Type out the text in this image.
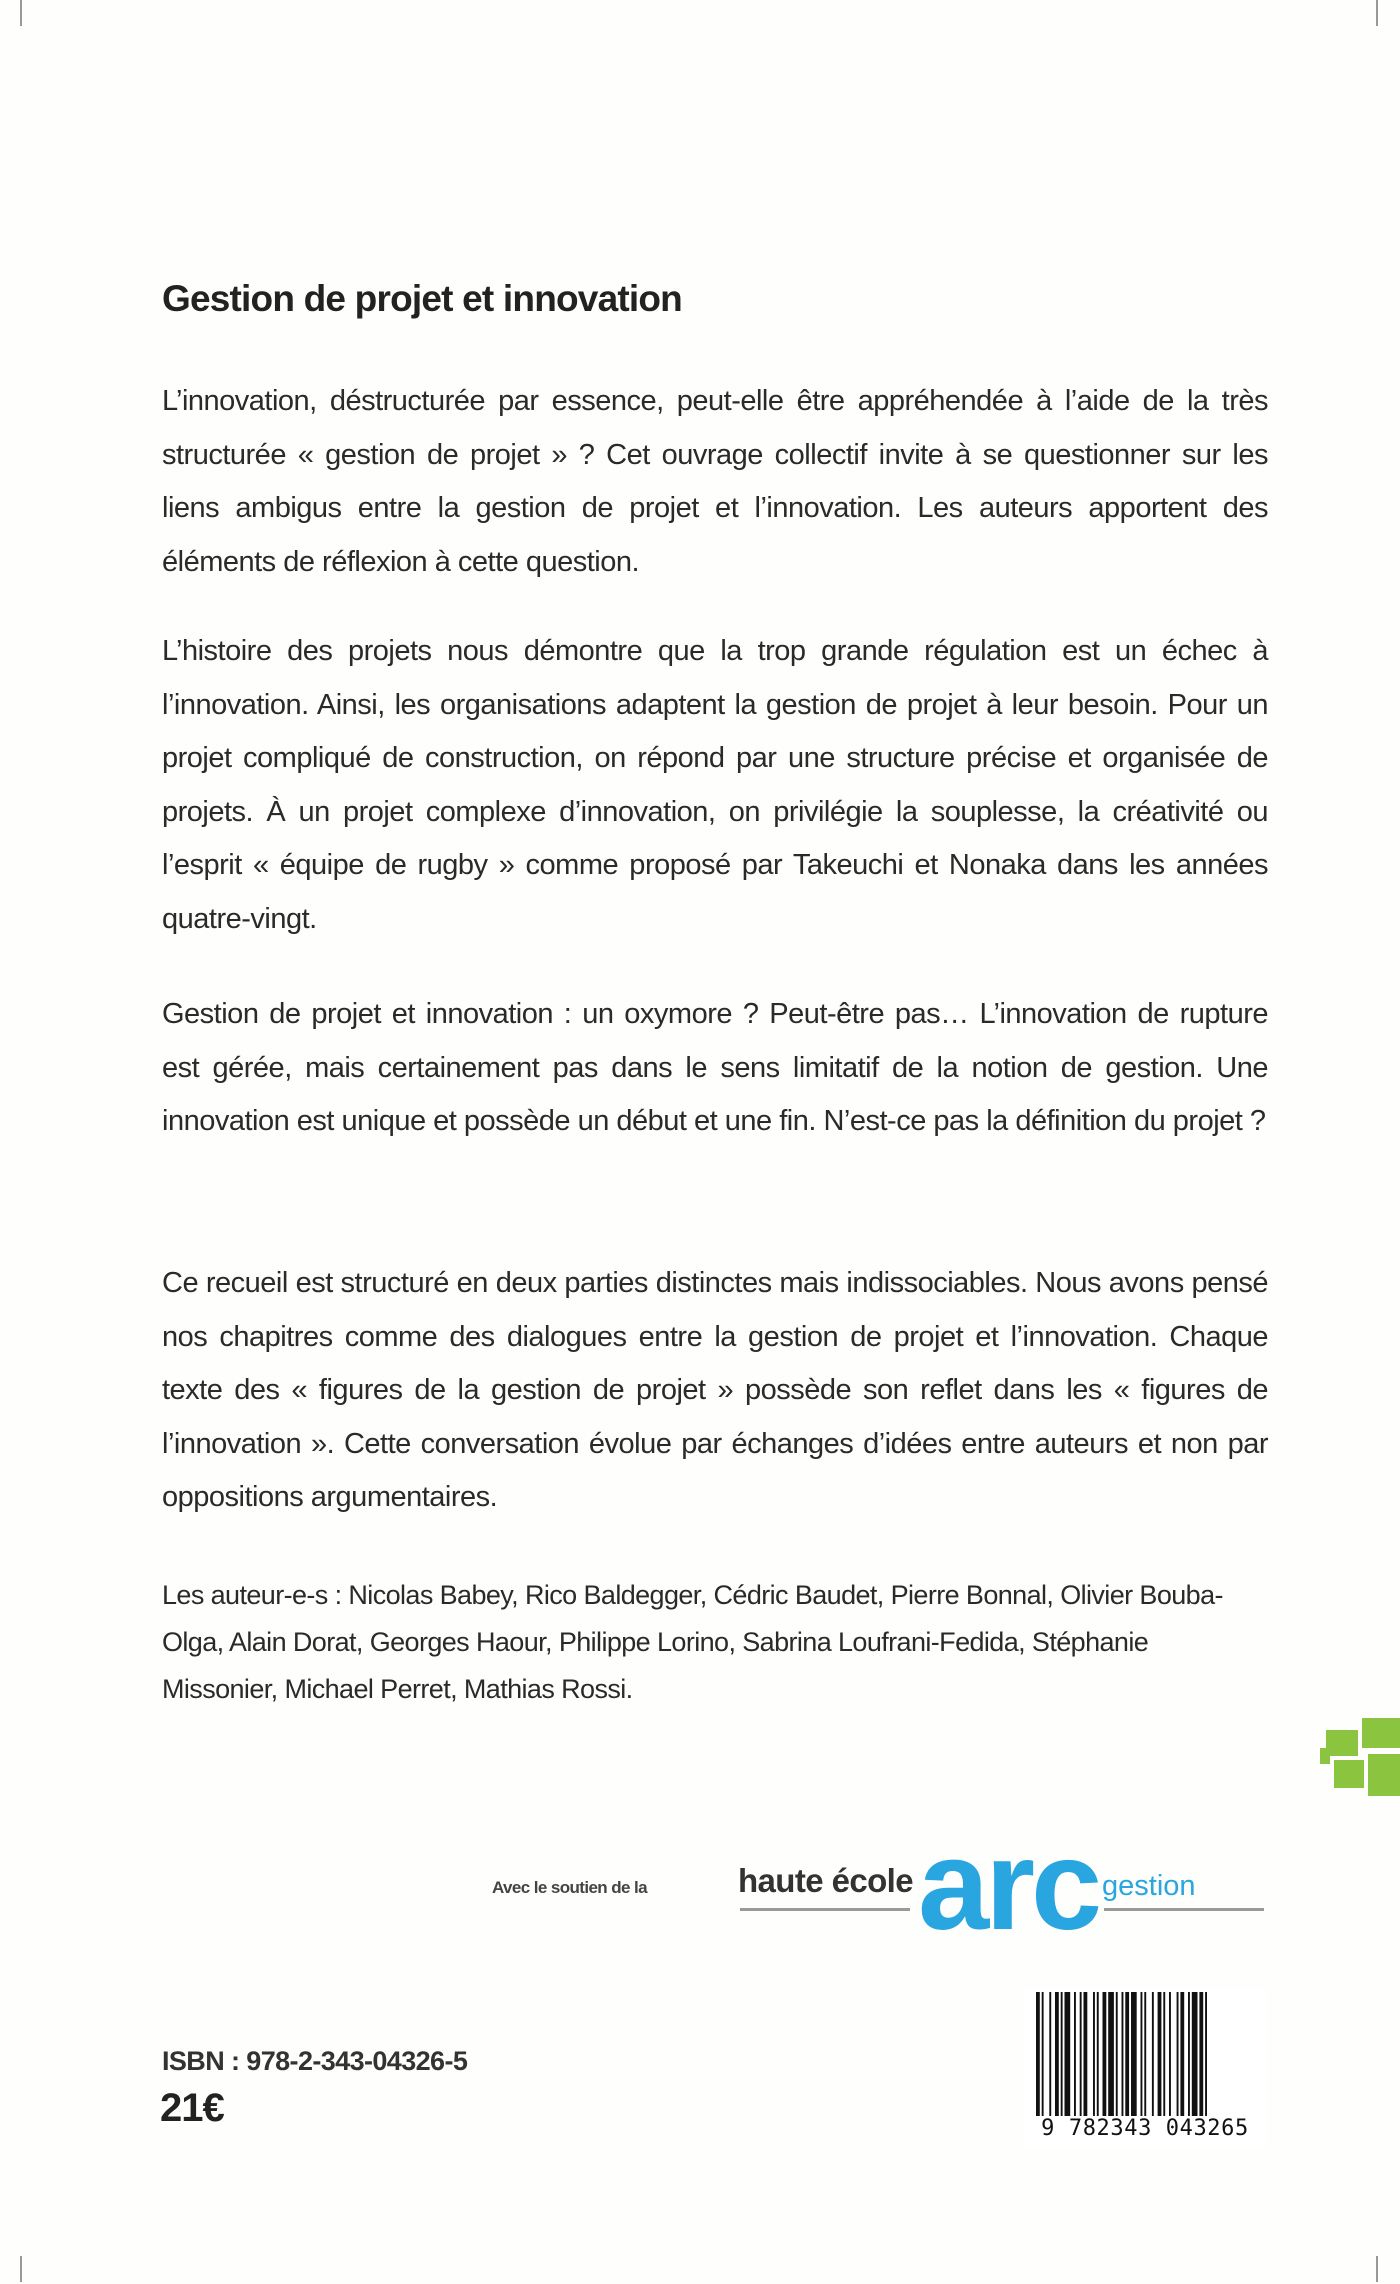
Gestion de projet et innovation

L’innovation, déstructurée par essence, peut-elle être appréhendée à l’aide de la très structurée « gestion de projet » ? Cet ouvrage collectif invite à se questionner sur les liens ambigus entre la gestion de projet et l’innovation. Les auteurs apportent des éléments de réflexion à cette question.

L’histoire des projets nous démontre que la trop grande régulation est un échec à l’innovation. Ainsi, les organisations adaptent la gestion de projet à leur besoin. Pour un projet compliqué de construction, on répond par une structure précise et organisée de projets. À un projet complexe d’innovation, on privilégie la souplesse, la créativité ou l’esprit « équipe de rugby » comme proposé par Takeuchi et Nonaka dans les années quatre-vingt.

Gestion de projet et innovation : un oxymore ? Peut-être pas… L’innovation de rupture est gérée, mais certainement pas dans le sens limitatif de la notion de gestion. Une innovation est unique et possède un début et une fin. N’est-ce pas la définition du projet ?

Ce recueil est structuré en deux parties distinctes mais indissociables. Nous avons pensé nos chapitres comme des dialogues entre la gestion de projet et l’innovation. Chaque texte des « figures de la gestion de projet » possède son reflet dans les « figures de l’innovation ». Cette conversation évolue par échanges d’idées entre auteurs et non par oppositions argumentaires.

Les auteur-e-s : Nicolas Babey, Rico Baldegger, Cédric Baudet, Pierre Bonnal, Olivier Bouba-Olga, Alain Dorat, Georges Haour, Philippe Lorino, Sabrina Loufrani-Fedida, Stéphanie Missonier, Michael Perret, Mathias Rossi.

Avec le soutien de la	haute école arc gestion
ISBN : 978-2-343-04326-5
21€	9 782343 043265
